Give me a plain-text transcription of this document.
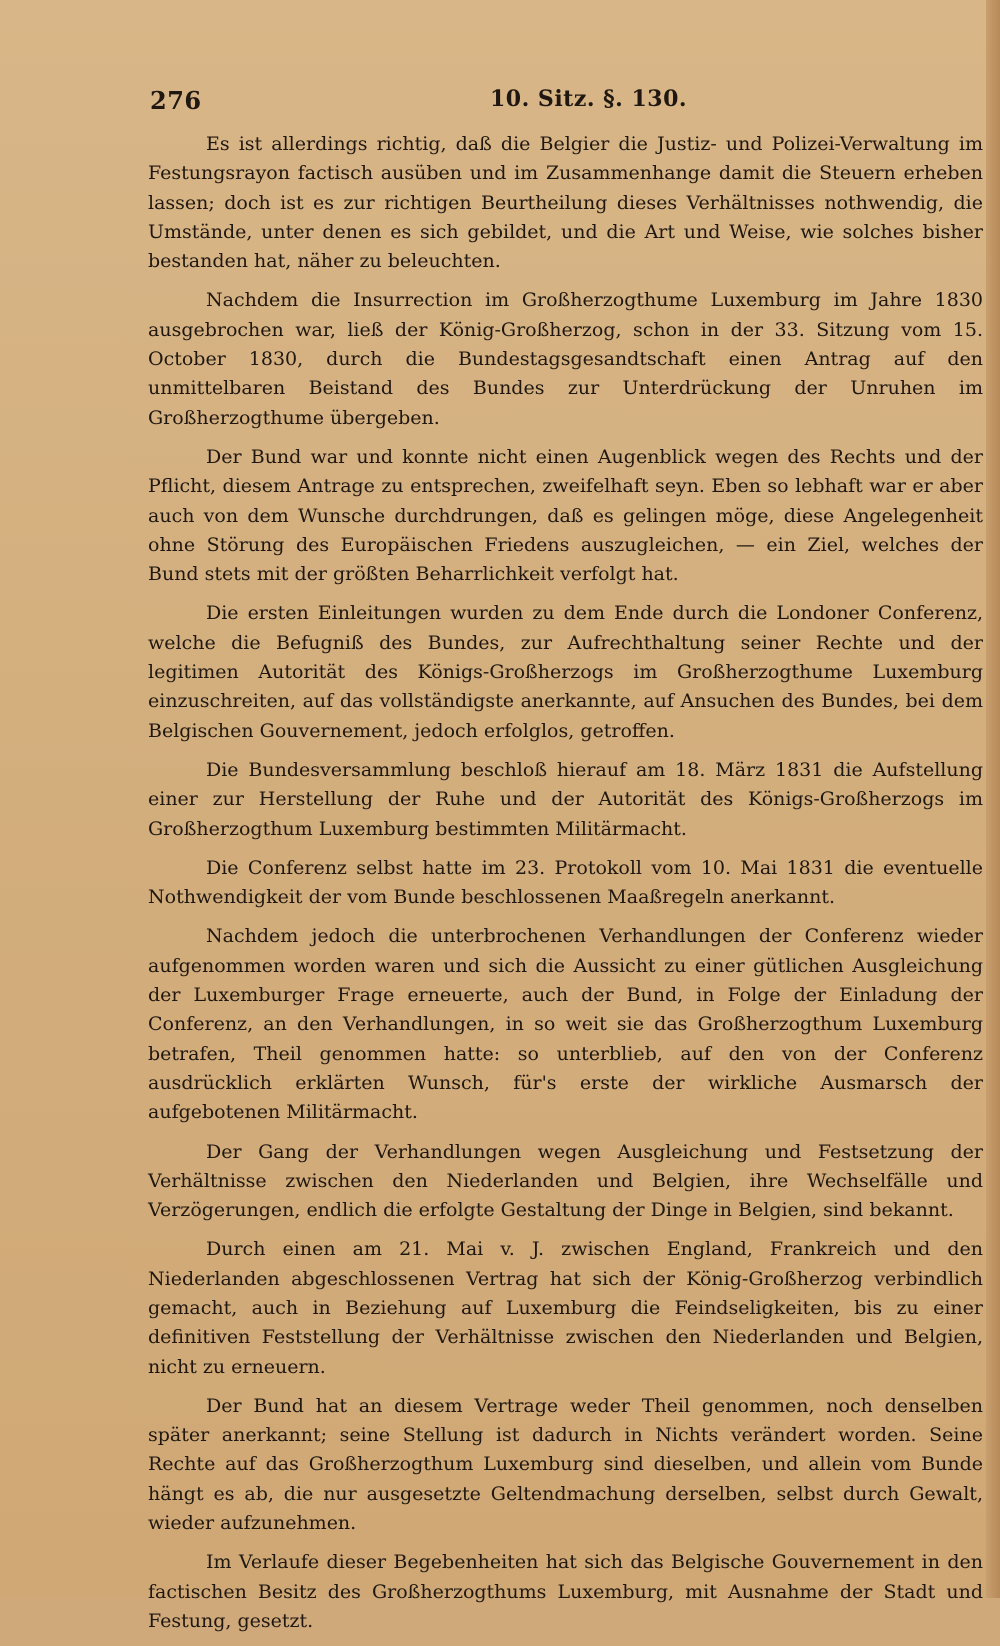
276	10. Sitz. §. 130.

Es ist allerdings richtig, daß die Belgier die Justiz- und Polizei-Verwaltung im Festungsrayon factisch ausüben und im Zusammenhange damit die Steuern erheben lassen; doch ist es zur richtigen Beurtheilung dieses Verhältnisses nothwendig, die Umstände, unter denen es sich gebildet, und die Art und Weise, wie solches bisher bestanden hat, näher zu beleuchten.

Nachdem die Insurrection im Großherzogthume Luxemburg im Jahre 1830 ausgebrochen war, ließ der König-Großherzog, schon in der 33. Sitzung vom 15. October 1830, durch die Bundestagsgesandtschaft einen Antrag auf den unmittelbaren Beistand des Bundes zur Unterdrückung der Unruhen im Großherzogthume übergeben.

Der Bund war und konnte nicht einen Augenblick wegen des Rechts und der Pflicht, diesem Antrage zu entsprechen, zweifelhaft seyn. Eben so lebhaft war er aber auch von dem Wunsche durchdrungen, daß es gelingen möge, diese Angelegenheit ohne Störung des Europäischen Friedens auszugleichen, — ein Ziel, welches der Bund stets mit der größten Beharrlichkeit verfolgt hat.

Die ersten Einleitungen wurden zu dem Ende durch die Londoner Conferenz, welche die Befugniß des Bundes, zur Aufrechthaltung seiner Rechte und der legitimen Autorität des Königs-Großherzogs im Großherzogthume Luxemburg einzuschreiten, auf das vollständigste anerkannte, auf Ansuchen des Bundes, bei dem Belgischen Gouvernement, jedoch erfolglos, getroffen.

Die Bundesversammlung beschloß hierauf am 18. März 1831 die Aufstellung einer zur Herstellung der Ruhe und der Autorität des Königs-Großherzogs im Großherzogthum Luxemburg bestimmten Militärmacht.

Die Conferenz selbst hatte im 23. Protokoll vom 10. Mai 1831 die eventuelle Nothwendigkeit der vom Bunde beschlossenen Maaßregeln anerkannt.

Nachdem jedoch die unterbrochenen Verhandlungen der Conferenz wieder aufgenommen worden waren und sich die Aussicht zu einer gütlichen Ausgleichung der Luxemburger Frage erneuerte, auch der Bund, in Folge der Einladung der Conferenz, an den Verhandlungen, in so weit sie das Großherzogthum Luxemburg betrafen, Theil genommen hatte: so unterblieb, auf den von der Conferenz ausdrücklich erklärten Wunsch, für's erste der wirkliche Ausmarsch der aufgebotenen Militärmacht.

Der Gang der Verhandlungen wegen Ausgleichung und Festsetzung der Verhältnisse zwischen den Niederlanden und Belgien, ihre Wechselfälle und Verzögerungen, endlich die erfolgte Gestaltung der Dinge in Belgien, sind bekannt.

Durch einen am 21. Mai v. J. zwischen England, Frankreich und den Niederlanden abgeschlossenen Vertrag hat sich der König-Großherzog verbindlich gemacht, auch in Beziehung auf Luxemburg die Feindseligkeiten, bis zu einer definitiven Feststellung der Verhältnisse zwischen den Niederlanden und Belgien, nicht zu erneuern.

Der Bund hat an diesem Vertrage weder Theil genommen, noch denselben später anerkannt; seine Stellung ist dadurch in Nichts verändert worden. Seine Rechte auf das Großherzogthum Luxemburg sind dieselben, und allein vom Bunde hängt es ab, die nur ausgesetzte Geltendmachung derselben, selbst durch Gewalt, wieder aufzunehmen.

Im Verlaufe dieser Begebenheiten hat sich das Belgische Gouvernement in den factischen Besitz des Großherzogthums Luxemburg, mit Ausnahme der Stadt und Festung, gesetzt.
